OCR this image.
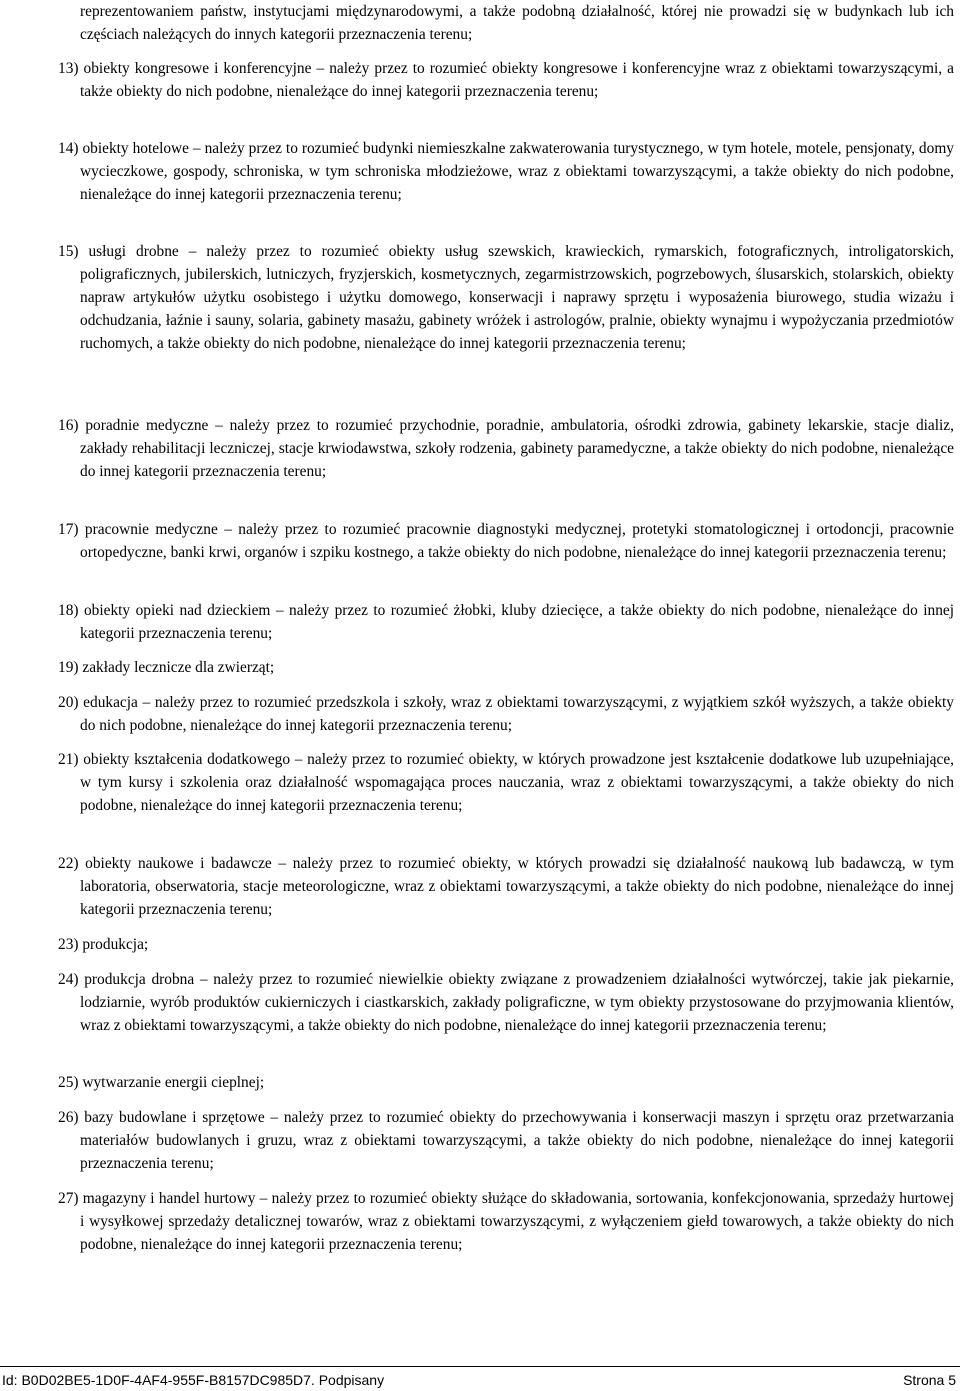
reprezentowaniem państw, instytucjami międzynarodowymi, a także podobną działalność, której nie prowadzi się w budynkach lub ich częściach należących do innych kategorii przeznaczenia terenu;
13) obiekty kongresowe i konferencyjne – należy przez to rozumieć obiekty kongresowe i konferencyjne wraz z obiektami towarzyszącymi, a także obiekty do nich podobne, nienależące do innej kategorii przeznaczenia terenu;
14) obiekty hotelowe – należy przez to rozumieć budynki niemieszkalne zakwaterowania turystycznego, w tym hotele, motele, pensjonaty, domy wycieczkowe, gospody, schroniska, w tym schroniska młodzieżowe, wraz z obiektami towarzyszącymi, a także obiekty do nich podobne, nienależące do innej kategorii przeznaczenia terenu;
15) usługi drobne – należy przez to rozumieć obiekty usług szewskich, krawieckich, rymarskich, fotograficznych, introligatorskich, poligraficznych, jubilerskich, lutniczych, fryzjerskich, kosmetycznych, zegarmistrzowskich, pogrzebowych, ślusarskich, stolarskich, obiekty napraw artykułów użytku osobistego i użytku domowego, konserwacji i naprawy sprzętu i wyposażenia biurowego, studia wizażu i odchudzania, łaźnie i sauny, solaria, gabinety masażu, gabinety wróżek i astrologów, pralnie, obiekty wynajmu i wypożyczania przedmiotów ruchomych, a także obiekty do nich podobne, nienależące do innej kategorii przeznaczenia terenu;
16) poradnie medyczne – należy przez to rozumieć przychodnie, poradnie, ambulatoria, ośrodki zdrowia, gabinety lekarskie, stacje dializ, zakłady rehabilitacji leczniczej, stacje krwiodawstwa, szkoły rodzenia, gabinety paramedyczne, a także obiekty do nich podobne, nienależące do innej kategorii przeznaczenia terenu;
17) pracownie medyczne – należy przez to rozumieć pracownie diagnostyki medycznej, protetyki stomatologicznej i ortodoncji, pracownie ortopedyczne, banki krwi, organów i szpiku kostnego, a także obiekty do nich podobne, nienależące do innej kategorii przeznaczenia terenu;
18) obiekty opieki nad dzieckiem – należy przez to rozumieć żłobki, kluby dziecięce, a także obiekty do nich podobne, nienależące do innej kategorii przeznaczenia terenu;
19) zakłady lecznicze dla zwierząt;
20) edukacja – należy przez to rozumieć przedszkola i szkoły, wraz z obiektami towarzyszącymi, z wyjątkiem szkół wyższych, a także obiekty do nich podobne, nienależące do innej kategorii przeznaczenia terenu;
21) obiekty kształcenia dodatkowego – należy przez to rozumieć obiekty, w których prowadzone jest kształcenie dodatkowe lub uzupełniające, w tym kursy i szkolenia oraz działalność wspomagająca proces nauczania, wraz z obiektami towarzyszącymi, a także obiekty do nich podobne, nienależące do innej kategorii przeznaczenia terenu;
22) obiekty naukowe i badawcze – należy przez to rozumieć obiekty, w których prowadzi się działalność naukową lub badawczą, w tym laboratoria, obserwatoria, stacje meteorologiczne, wraz z obiektami towarzyszącymi, a także obiekty do nich podobne, nienależące do innej kategorii przeznaczenia terenu;
23) produkcja;
24) produkcja drobna – należy przez to rozumieć niewielkie obiekty związane z prowadzeniem działalności wytwórczej, takie jak piekarnie, lodziarnie, wyrób produktów cukierniczych i ciastkarskich, zakłady poligraficzne, w tym obiekty przystosowane do przyjmowania klientów, wraz z obiektami towarzyszącymi, a także obiekty do nich podobne, nienależące do innej kategorii przeznaczenia terenu;
25) wytwarzanie energii cieplnej;
26) bazy budowlane i sprzętowe – należy przez to rozumieć obiekty do przechowywania i konserwacji maszyn i sprzętu oraz przetwarzania materiałów budowlanych i gruzu, wraz z obiektami towarzyszącymi, a także obiekty do nich podobne, nienależące do innej kategorii przeznaczenia terenu;
27) magazyny i handel hurtowy – należy przez to rozumieć obiekty służące do składowania, sortowania, konfekcjonowania, sprzedaży hurtowej i wysyłkowej sprzedaży detalicznej towarów, wraz z obiektami towarzyszącymi, z wyłączeniem giełd towarowych, a także obiekty do nich podobne, nienależące do innej kategorii przeznaczenia terenu;
Id: B0D02BE5-1D0F-4AF4-955F-B8157DC985D7. Podpisany	Strona 5
